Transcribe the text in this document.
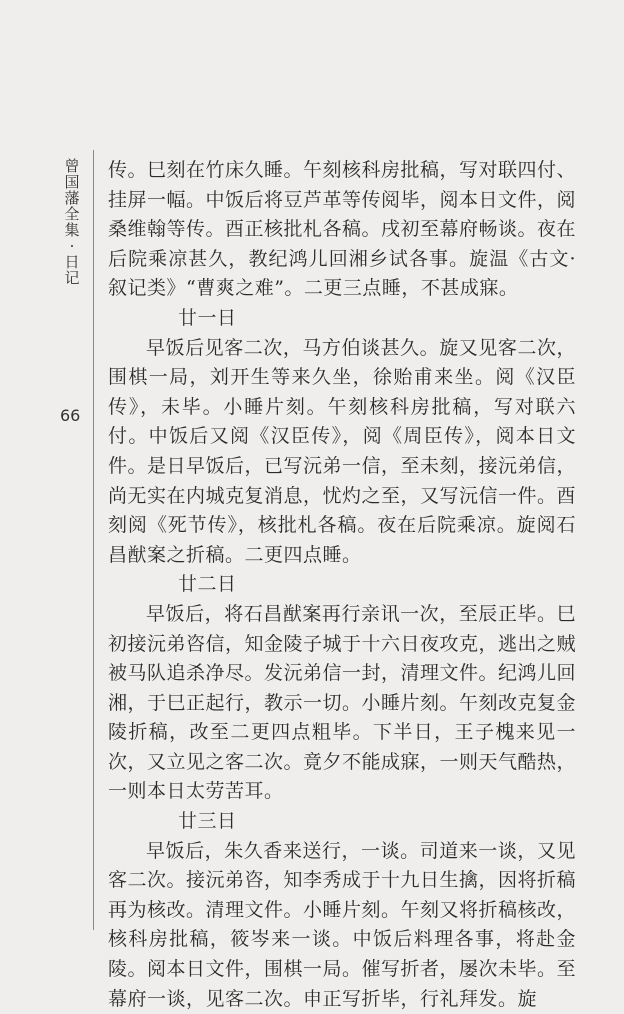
曾
国
藩
全
集
·
日
记
66

传。巳刻在竹床久睡。午刻核科房批稿，写对联四付、挂屏一幅。中饭后将豆芦革等传阅毕，阅本日文件，阅桑维翰等传。酉正核批札各稿。戌初至幕府畅谈。夜在后院乘凉甚久，教纪鸿儿回湘乡试各事。旋温《古文·叙记类》“曹爽之难”。二更三点睡，不甚成寐。

廿一日

早饭后见客二次，马方伯谈甚久。旋又见客二次，围棋一局，刘开生等来久坐，徐贻甫来坐。阅《汉臣传》，未毕。小睡片刻。午刻核科房批稿，写对联六付。中饭后又阅《汉臣传》，阅《周臣传》，阅本日文件。是日早饭后，已写沅弟一信，至未刻，接沅弟信，尚无实在内城克复消息，忧灼之至，又写沅信一件。酉刻阅《死节传》，核批札各稿。夜在后院乘凉。旋阅石昌猷案之折稿。二更四点睡。

廿二日

早饭后，将石昌猷案再行亲讯一次，至辰正毕。巳初接沅弟咨信，知金陵子城于十六日夜攻克，逃出之贼被马队追杀净尽。发沅弟信一封，清理文件。纪鸿儿回湘，于巳正起行，教示一切。小睡片刻。午刻改克复金陵折稿，改至二更四点粗毕。下半日，王子槐来见一次，又立见之客二次。竟夕不能成寐，一则天气酷热，一则本日太劳苦耳。

廿三日

早饭后，朱久香来送行，一谈。司道来一谈，又见客二次。接沅弟咨，知李秀成于十九日生擒，因将折稿再为核改。清理文件。小睡片刻。午刻又将折稿核改，核科房批稿，筱岑来一谈。中饭后料理各事，将赴金陵。阅本日文件，围棋一局。催写折者，屡次未毕。至幕府一谈，见客二次。申正写折毕，行礼拜发。旋
